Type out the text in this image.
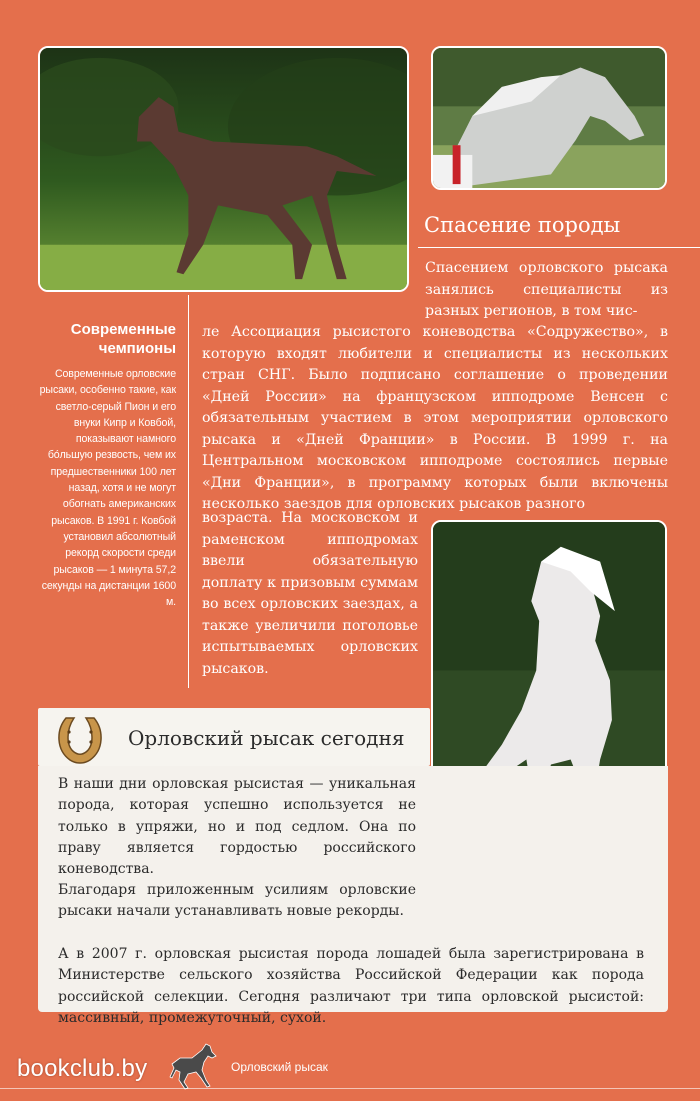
Спасение породы
Современные чемпионы

Современные орловские рысаки, особенно такие, как светло-серый Пион и его внуки Кипр и Ковбой, показывают намного бо́льшую резвость, чем их предшественники 100 лет назад, хотя и не могут обогнать американских рысаков. В 1991 г. Ковбой установил абсолютный рекорд скорости среди рысаков — 1 минута 57,2 секунды на дистанции 1600 м.

Спасением орловского рысака занялись специалисты из разных регионов, в том чис-

ле Ассоциация рысистого коневодства «Содружество», в которую входят любители и специалисты из нескольких стран СНГ. Было подписано соглашение о проведении «Дней России» на французском ипподроме Венсен с обязательным участием в этом мероприятии орловского рысака и «Дней Франции» в России. В 1999 г. на Центральном московском ипподроме состоялись первые «Дни Франции», в программу которых были включены несколько заездов для орловских рысаков разного

возраста. На московском и раменском ипподромах ввели обязательную доплату к призовым суммам во всех орловских заездах, а также увеличили поголовье испытываемых орловских рысаков.

В наши дни орловская рысистая — уникальная порода, которая успешно используется не только в упряжи, но и под седлом. Она по праву является гордостью российского коневодства.

Благодаря приложенным усилиям орловские рысаки начали устанавливать новые рекорды.

А в 2007 г. орловская рысистая порода лошадей была зарегистрирована в Министерстве сельского хозяйства Российской Федерации как порода российской селекции. Сегодня различают три типа орловской рысистой: массивный, промежуточный, сухой.

Орловский рысак сегодня
bookclub.by	Орловский рысак
